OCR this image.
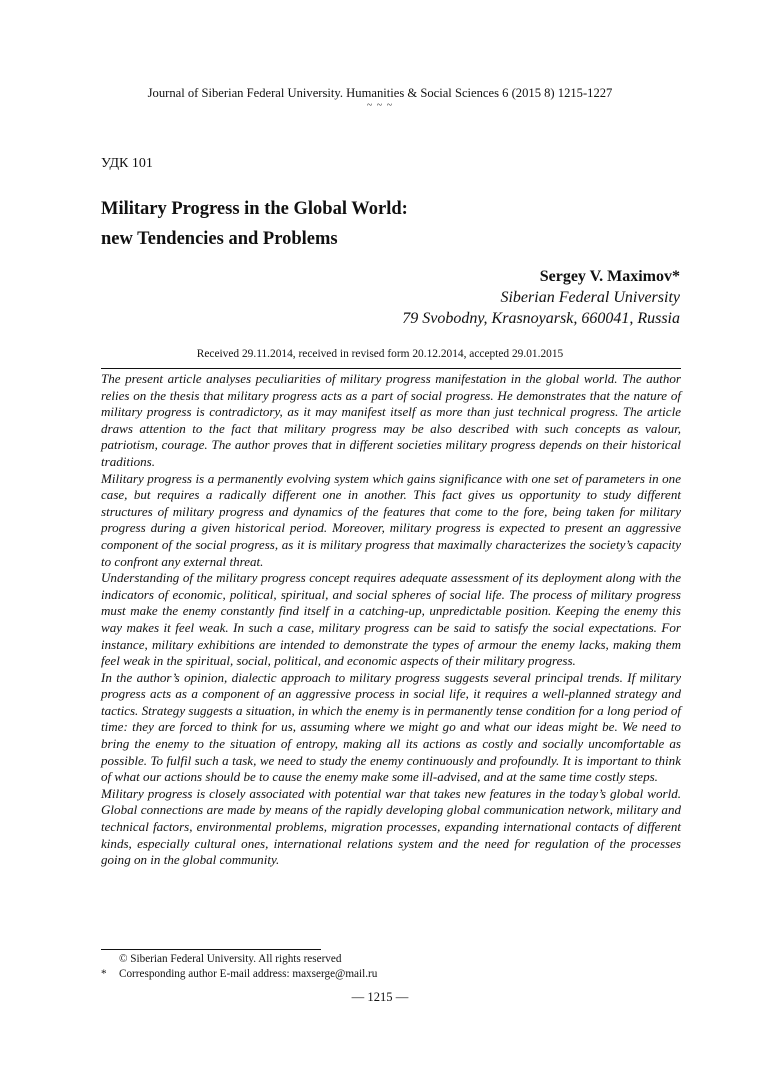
Journal of Siberian Federal University. Humanities & Social Sciences 6 (2015 8) 1215-1227
~ ~ ~
УДК 101
Military Progress in the Global World:
new Tendencies and Problems
Sergey V. Maximov*
Siberian Federal University
79 Svobodny, Krasnoyarsk, 660041, Russia
Received 29.11.2014, received in revised form 20.12.2014, accepted 29.01.2015

The present article analyses peculiarities of military progress manifestation in the global world. The author relies on the thesis that military progress acts as a part of social progress. He demonstrates that the nature of military progress is contradictory, as it may manifest itself as more than just technical progress. The article draws attention to the fact that military progress may be also described with such concepts as valour, patriotism, courage. The author proves that in different societies military progress depends on their historical traditions.

Military progress is a permanently evolving system which gains significance with one set of parameters in one case, but requires a radically different one in another. This fact gives us opportunity to study different structures of military progress and dynamics of the features that come to the fore, being taken for military progress during a given historical period. Moreover, military progress is expected to present an aggressive component of the social progress, as it is military progress that maximally characterizes the society’s capacity to confront any external threat.

Understanding of the military progress concept requires adequate assessment of its deployment along with the indicators of economic, political, spiritual, and social spheres of social life. The process of military progress must make the enemy constantly find itself in a catching-up, unpredictable position. Keeping the enemy this way makes it feel weak. In such a case, military progress can be said to satisfy the social expectations. For instance, military exhibitions are intended to demonstrate the types of armour the enemy lacks, making them feel weak in the spiritual, social, political, and economic aspects of their military progress.

In the author’s opinion, dialectic approach to military progress suggests several principal trends. If military progress acts as a component of an aggressive process in social life, it requires a well-planned strategy and tactics. Strategy suggests a situation, in which the enemy is in permanently tense condition for a long period of time: they are forced to think for us, assuming where we might go and what our ideas might be. We need to bring the enemy to the situation of entropy, making all its actions as costly and socially uncomfortable as possible. To fulfil such a task, we need to study the enemy continuously and profoundly. It is important to think of what our actions should be to cause the enemy make some ill-advised, and at the same time costly steps.

Military progress is closely associated with potential war that takes new features in the today’s global world. Global connections are made by means of the rapidly developing global communication network, military and technical factors, environmental problems, migration processes, expanding international contacts of different kinds, especially cultural ones, international relations system and the need for regulation of the processes going on in the global community.

© Siberian Federal University. All rights reserved
* Corresponding author E-mail address: maxserge@mail.ru
— 1215 —
